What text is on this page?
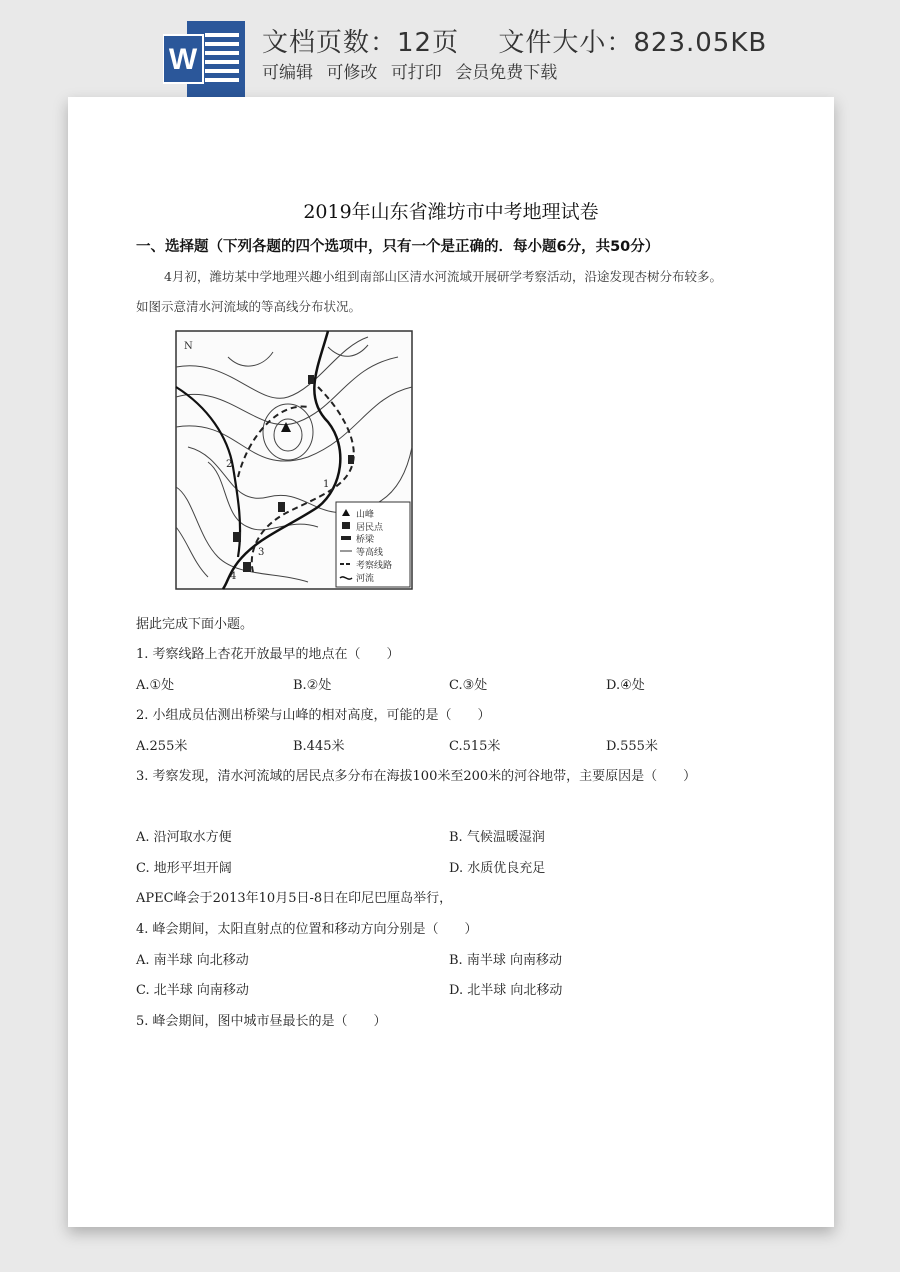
W 文档页数：12页 文件大小：823.05KB
可编辑 可修改 可打印 会员免费下载
2019年山东省潍坊市中考地理试卷
一、选择题（下列各题的四个选项中，只有一个是正确的．每小题6分，共50分）
4月初，潍坊某中学地理兴趣小组到南部山区清水河流域开展研学考察活动，沿途发现杏树分布较多。
如图示意清水河流域的等高线分布状况。
N
2
1
3
4
山峰
居民点
桥梁
等高线
考察线路
河流
据此完成下面小题。
1. 考察线路上杏花开放最早的地点在（　　）
A.①处	B.②处	C.③处	D.④处
2. 小组成员估测出桥梁与山峰的相对高度，可能的是（　　）
A.255米	B.445米	C.515米	D.555米
3. 考察发现，清水河流域的居民点多分布在海拔100米至200米的河谷地带，主要原因是（　　）
A. 沿河取水方便	B. 气候温暖湿润
C. 地形平坦开阔	D. 水质优良充足
APEC峰会于2013年10月5日-8日在印尼巴厘岛举行，
4. 峰会期间，太阳直射点的位置和移动方向分别是（　　）
A. 南半球 向北移动	B. 南半球 向南移动
C. 北半球 向南移动	D. 北半球 向北移动
5. 峰会期间，图中城市昼最长的是（　　）
